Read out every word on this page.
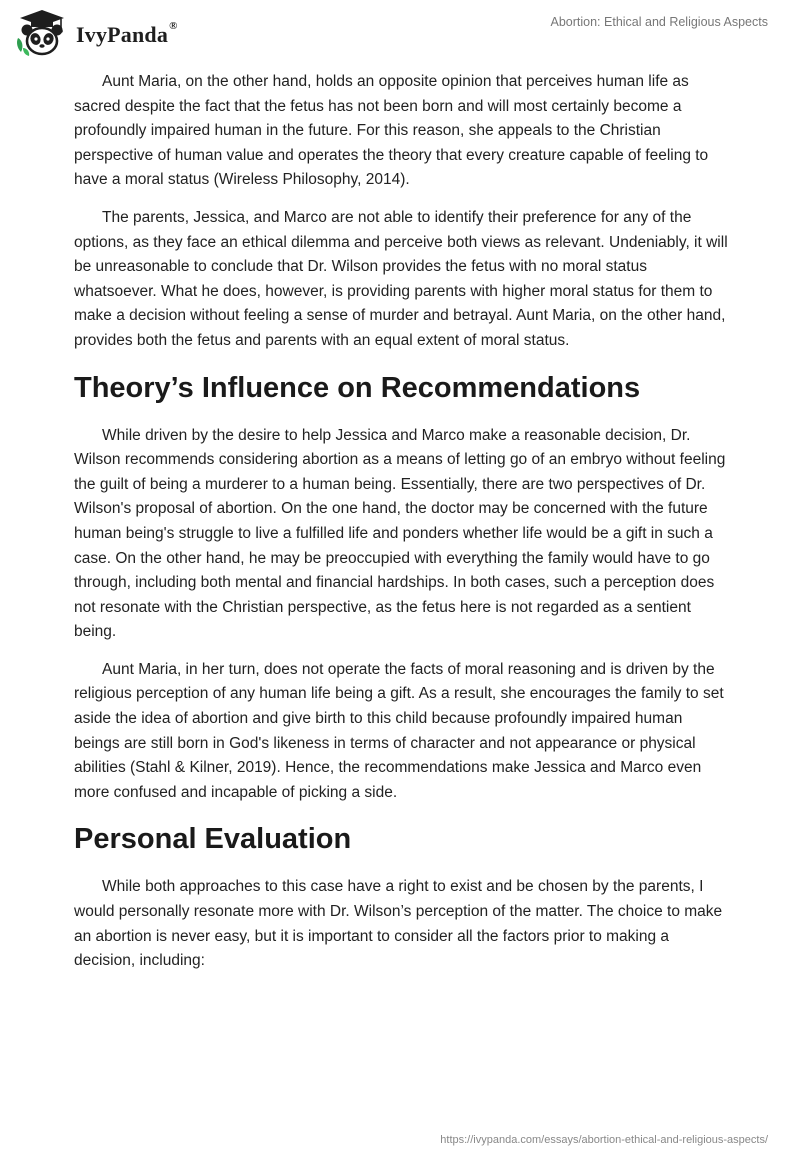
IvyPanda®	Abortion: Ethical and Religious Aspects

Aunt Maria, on the other hand, holds an opposite opinion that perceives human life as sacred despite the fact that the fetus has not been born and will most certainly become a profoundly impaired human in the future. For this reason, she appeals to the Christian perspective of human value and operates the theory that every creature capable of feeling to have a moral status (Wireless Philosophy, 2014).

The parents, Jessica, and Marco are not able to identify their preference for any of the options, as they face an ethical dilemma and perceive both views as relevant. Undeniably, it will be unreasonable to conclude that Dr. Wilson provides the fetus with no moral status whatsoever. What he does, however, is providing parents with higher moral status for them to make a decision without feeling a sense of murder and betrayal. Aunt Maria, on the other hand, provides both the fetus and parents with an equal extent of moral status.

Theory’s Influence on Recommendations

While driven by the desire to help Jessica and Marco make a reasonable decision, Dr. Wilson recommends considering abortion as a means of letting go of an embryo without feeling the guilt of being a murderer to a human being. Essentially, there are two perspectives of Dr. Wilson's proposal of abortion. On the one hand, the doctor may be concerned with the future human being's struggle to live a fulfilled life and ponders whether life would be a gift in such a case. On the other hand, he may be preoccupied with everything the family would have to go through, including both mental and financial hardships. In both cases, such a perception does not resonate with the Christian perspective, as the fetus here is not regarded as a sentient being.

Aunt Maria, in her turn, does not operate the facts of moral reasoning and is driven by the religious perception of any human life being a gift. As a result, she encourages the family to set aside the idea of abortion and give birth to this child because profoundly impaired human beings are still born in God's likeness in terms of character and not appearance or physical abilities (Stahl & Kilner, 2019). Hence, the recommendations make Jessica and Marco even more confused and incapable of picking a side.

Personal Evaluation

While both approaches to this case have a right to exist and be chosen by the parents, I would personally resonate more with Dr. Wilson’s perception of the matter. The choice to make an abortion is never easy, but it is important to consider all the factors prior to making a decision, including:

https://ivypanda.com/essays/abortion-ethical-and-religious-aspects/
